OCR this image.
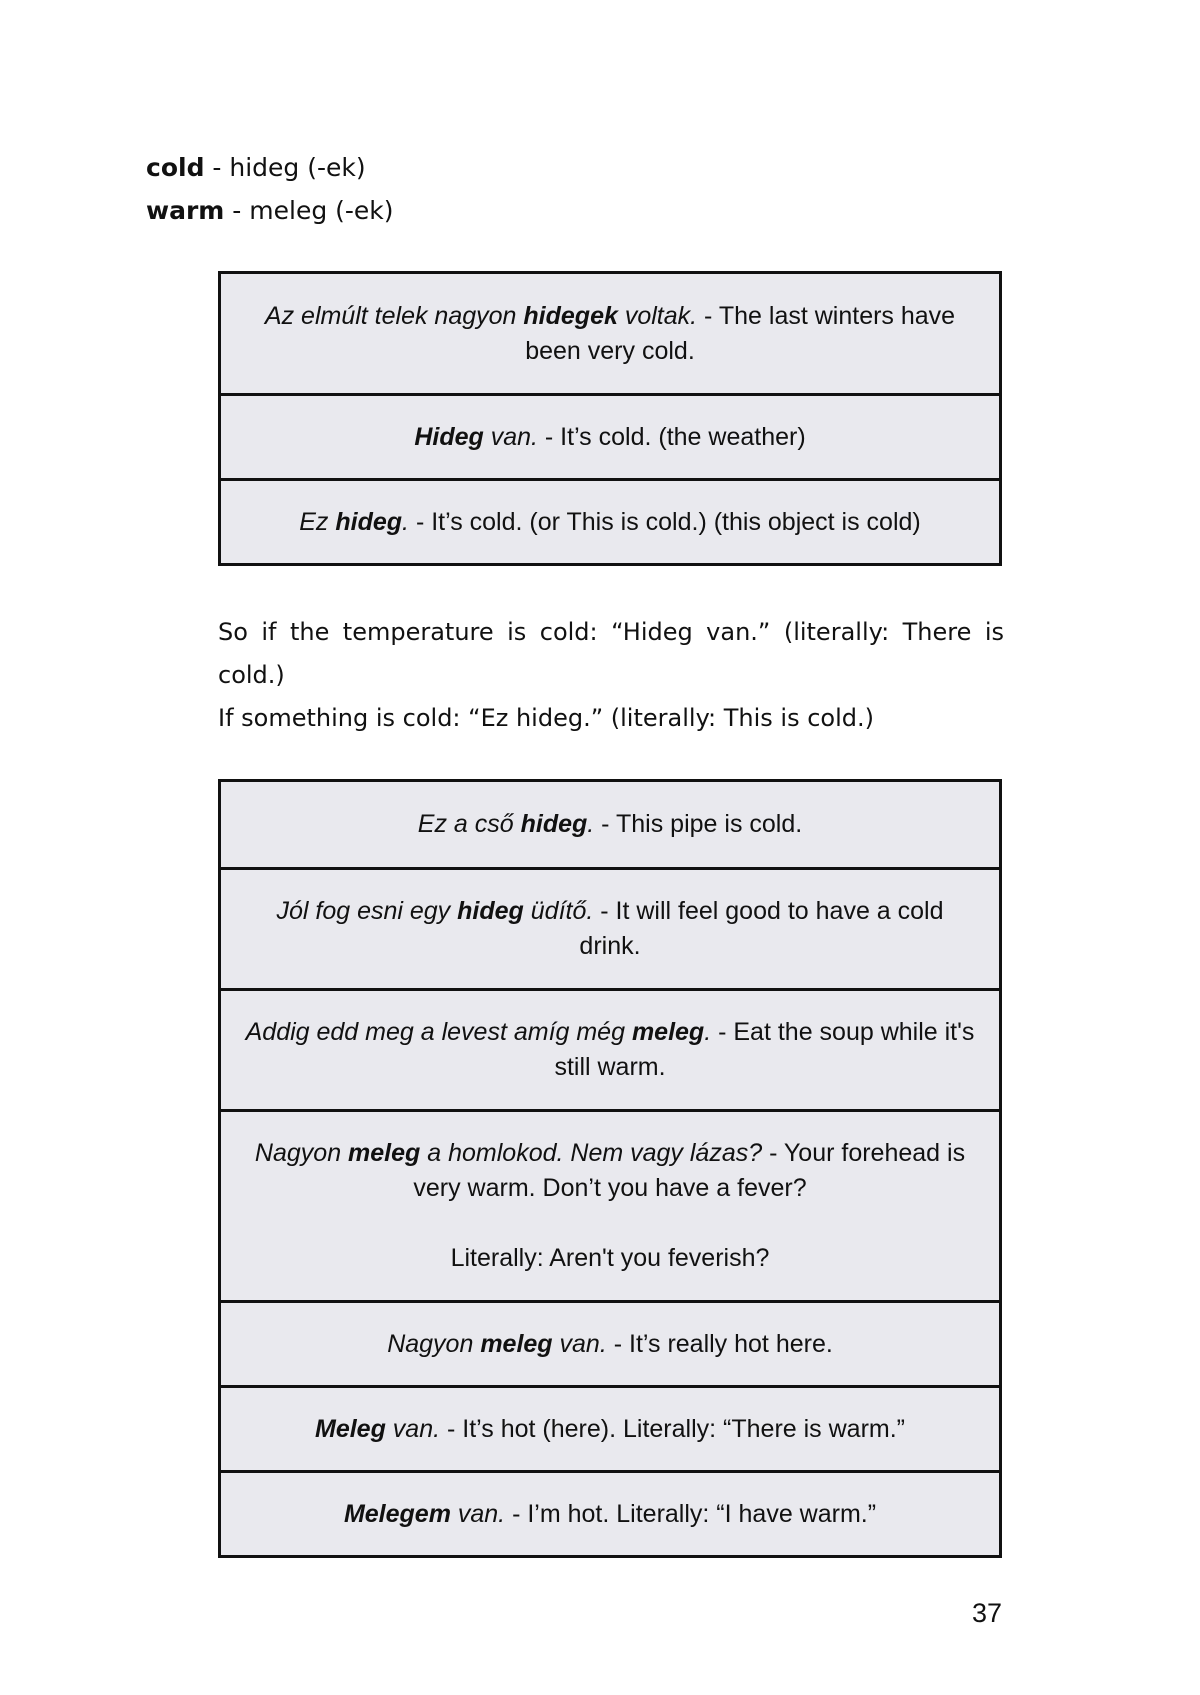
cold - hideg (-ek)
warm - meleg (-ek)
Az elmúlt telek nagyon hidegek voltak. - The last winters have been very cold.
Hideg van. - It’s cold. (the weather)
Ez hideg. - It’s cold. (or This is cold.) (this object is cold)

So if the temperature is cold: “Hideg van.” (literally: There is cold.)

If something is cold: “Ez hideg.” (literally: This is cold.)

Ez a cső hideg. - This pipe is cold.
Jól fog esni egy hideg üdítő. - It will feel good to have a cold drink.
Addig edd meg a levest amíg még meleg. - Eat the soup while it's still warm.
Nagyon meleg a homlokod. Nem vagy lázas? - Your forehead is very warm. Don’t you have a fever?
Literally: Aren't you feverish?
Nagyon meleg van. - It’s really hot here.
Meleg van. - It’s hot (here). Literally: “There is warm.”
Melegem van. - I’m hot. Literally: “I have warm.”
37
